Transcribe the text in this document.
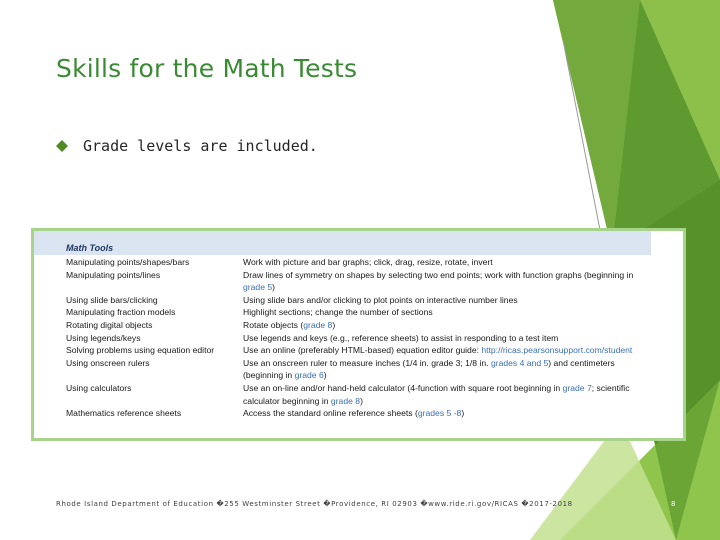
Skills for the Math Tests
Grade levels are included.
Math Tools
Manipulating points/shapes/bars	Work with picture and bar graphs; click, drag, resize, rotate, invert
Manipulating points/lines	Draw lines of symmetry on shapes by selecting two end points; work with function graphs (beginning in grade 5)
Using slide bars/clicking	Using slide bars and/or clicking to plot points on interactive number lines
Manipulating fraction models	Highlight sections; change the number of sections
Rotating digital objects	Rotate objects (grade 8)
Using legends/keys	Use legends and keys (e.g., reference sheets) to assist in responding to a test item
Solving problems using equation editor	Use an online (preferably HTML-based) equation editor guide: http://ricas.pearsonsupport.com/student
Using onscreen rulers	Use an onscreen ruler to measure inches (1/4 in. grade 3; 1/8 in. grades 4 and 5) and centimeters (beginning in grade 6)
Using calculators	Use an on-line and/or hand-held calculator (4-function with square root beginning in grade 7; scientific calculator beginning in grade 8)
Mathematics reference sheets	Access the standard online reference sheets (grades 5 -8)
Rhode Island Department of Education �255 Westminster Street �Providence, RI 02903 �www.ride.ri.gov/RICAS �2017-2018	8
